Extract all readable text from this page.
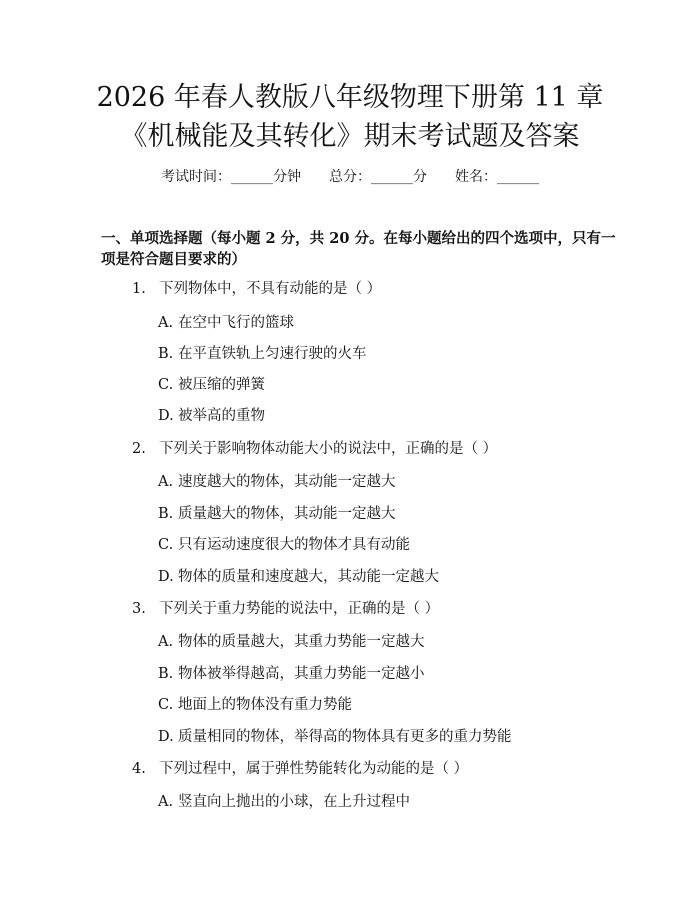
2026 年春人教版八年级物理下册第 11 章
《机械能及其转化》期末考试题及答案
考试时间：______分钟 总分：______分 姓名：______
一、单项选择题（每小题 2 分，共 20 分。在每小题给出的四个选项中，只有一项是符合题目要求的）
1. 下列物体中，不具有动能的是（ ）
A. 在空中飞行的篮球
B. 在平直铁轨上匀速行驶的火车
C. 被压缩的弹簧
D. 被举高的重物
2. 下列关于影响物体动能大小的说法中，正确的是（ ）
A. 速度越大的物体，其动能一定越大
B. 质量越大的物体，其动能一定越大
C. 只有运动速度很大的物体才具有动能
D. 物体的质量和速度越大，其动能一定越大
3. 下列关于重力势能的说法中，正确的是（ ）
A. 物体的质量越大，其重力势能一定越大
B. 物体被举得越高，其重力势能一定越小
C. 地面上的物体没有重力势能
D. 质量相同的物体，举得高的物体具有更多的重力势能
4. 下列过程中，属于弹性势能转化为动能的是（ ）
A. 竖直向上抛出的小球，在上升过程中
